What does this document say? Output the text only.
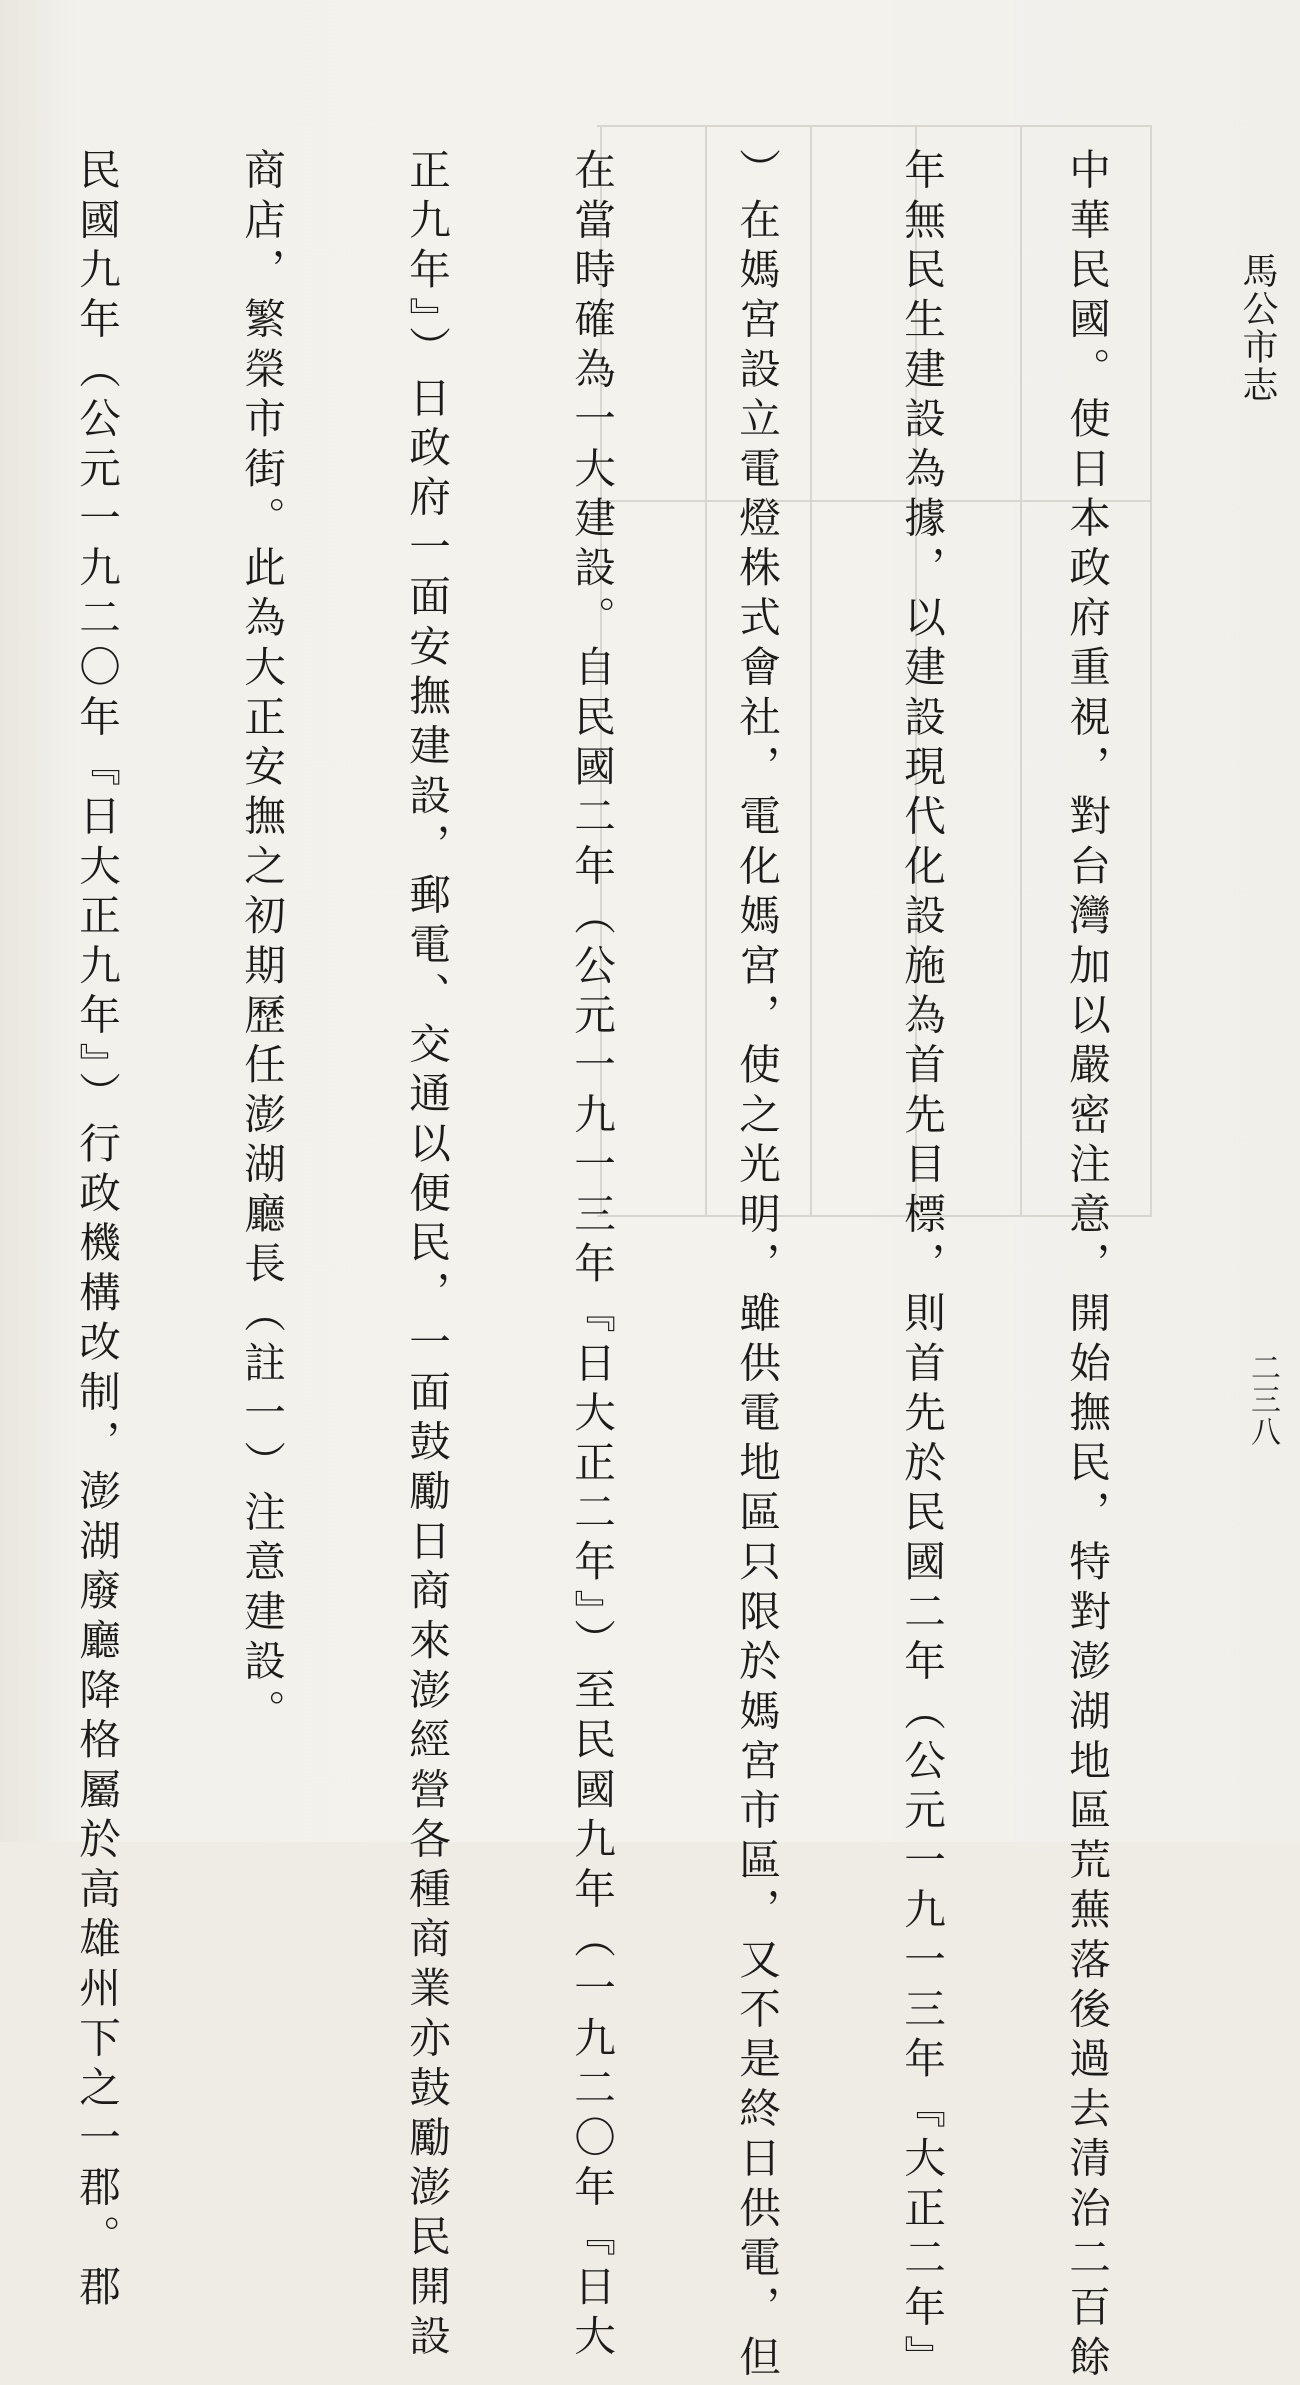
馬公市志
二三八

中華民國。使日本政府重視，對台灣加以嚴密注意，開始撫民，特對澎湖地區荒蕪落後過去清治二百餘

年無民生建設為據，以建設現代化設施為首先目標，則首先於民國二年（公元一九一三年『大正二年』

）在媽宮設立電燈株式會社，電化媽宮，使之光明，雖供電地區只限於媽宮市區，又不是終日供電，但

在當時確為一大建設。自民國二年（公元一九一三年『日大正二年』）至民國九年（一九二〇年『日大

正九年』）日政府一面安撫建設，郵電、交通以便民，一面鼓勵日商來澎經營各種商業亦鼓勵澎民開設

商店，繁榮市街。此為大正安撫之初期歷任澎湖廳長（註一）注意建設。

民國九年（公元一九二〇年『日大正九年』）行政機構改制，澎湖廢廳降格屬於高雄州下之一郡。郡
